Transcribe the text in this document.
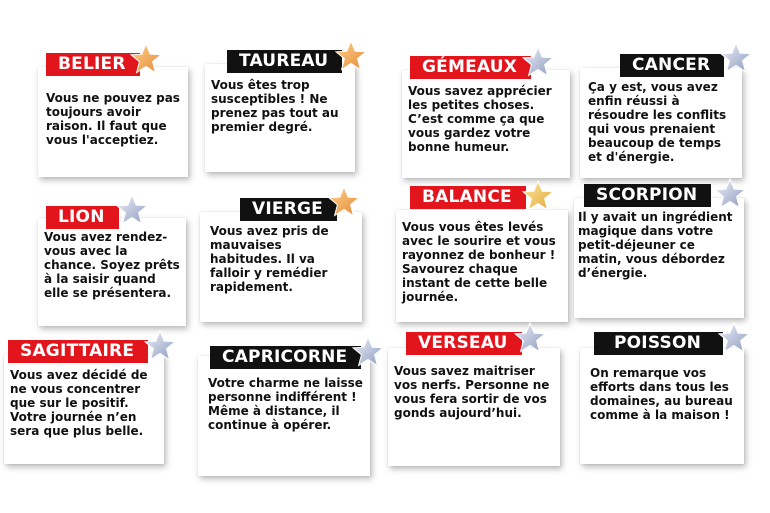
BELIER
Vous ne pouvez pas toujours avoir raison. Il faut que vous l'acceptiez.
TAUREAU
Vous êtes trop susceptibles ! Ne prenez pas tout au premier degré.
GÉMEAUX
Vous savez apprécier les petites choses. C’est comme ça que vous gardez votre bonne humeur.
CANCER
Ça y est, vous avez enfin réussi à résoudre les conflits qui vous prenaient beaucoup de temps et d'énergie.
LION
Vous avez rendez-vous avec la chance. Soyez prêts à la saisir quand elle se présentera.
VIERGE
Vous avez pris de mauvaises habitudes. Il va falloir y remédier rapidement.
BALANCE
Vous vous êtes levés avec le sourire et vous rayonnez de bonheur ! Savourez chaque instant de cette belle journée.
SCORPION
Il y avait un ingrédient magique dans votre petit-déjeuner ce matin, vous débordez d’énergie.
SAGITTAIRE
Vous avez décidé de ne vous concentrer que sur le positif. Votre journée n’en sera que plus belle.
CAPRICORNE
Votre charme ne laisse personne indifférent ! Même à distance, il continue à opérer.
VERSEAU
Vous savez maitriser vos nerfs. Personne ne vous fera sortir de vos gonds aujourd’hui.
POISSON
On remarque vos efforts dans tous les domaines, au bureau comme à la maison !
